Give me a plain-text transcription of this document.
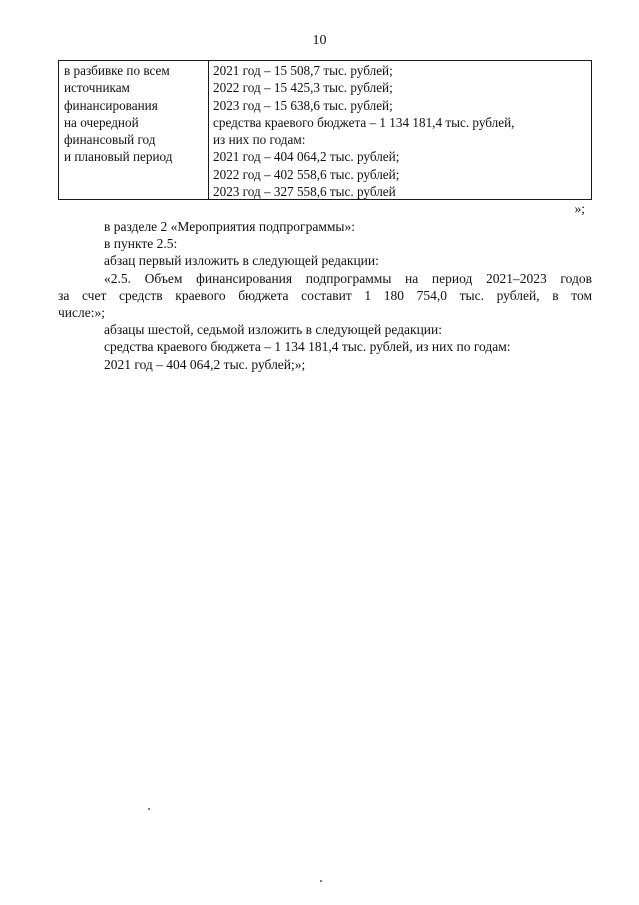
10
в разбивке по всем
источникам
финансирования
на очередной
финансовый год
и плановый период
2021 год – 15 508,7 тыс. рублей;
2022 год – 15 425,3 тыс. рублей;
2023 год – 15 638,6 тыс. рублей;
средства краевого бюджета – 1 134 181,4 тыс. рублей,
из них по годам:
2021 год – 404 064,2 тыс. рублей;
2022 год – 402 558,6 тыс. рублей;
2023 год – 327 558,6 тыс. рублей
»;
в разделе 2 «Мероприятия подпрограммы»:
в пункте 2.5:
абзац первый изложить в следующей редакции:
«2.5. Объем финансирования подпрограммы на период 2021–2023 годов
за счет средств краевого бюджета составит 1 180 754,0 тыс. рублей, в том
числе:»;
абзацы шестой, седьмой изложить в следующей редакции:
средства краевого бюджета – 1 134 181,4 тыс. рублей, из них по годам:
2021 год – 404 064,2 тыс. рублей;»;
